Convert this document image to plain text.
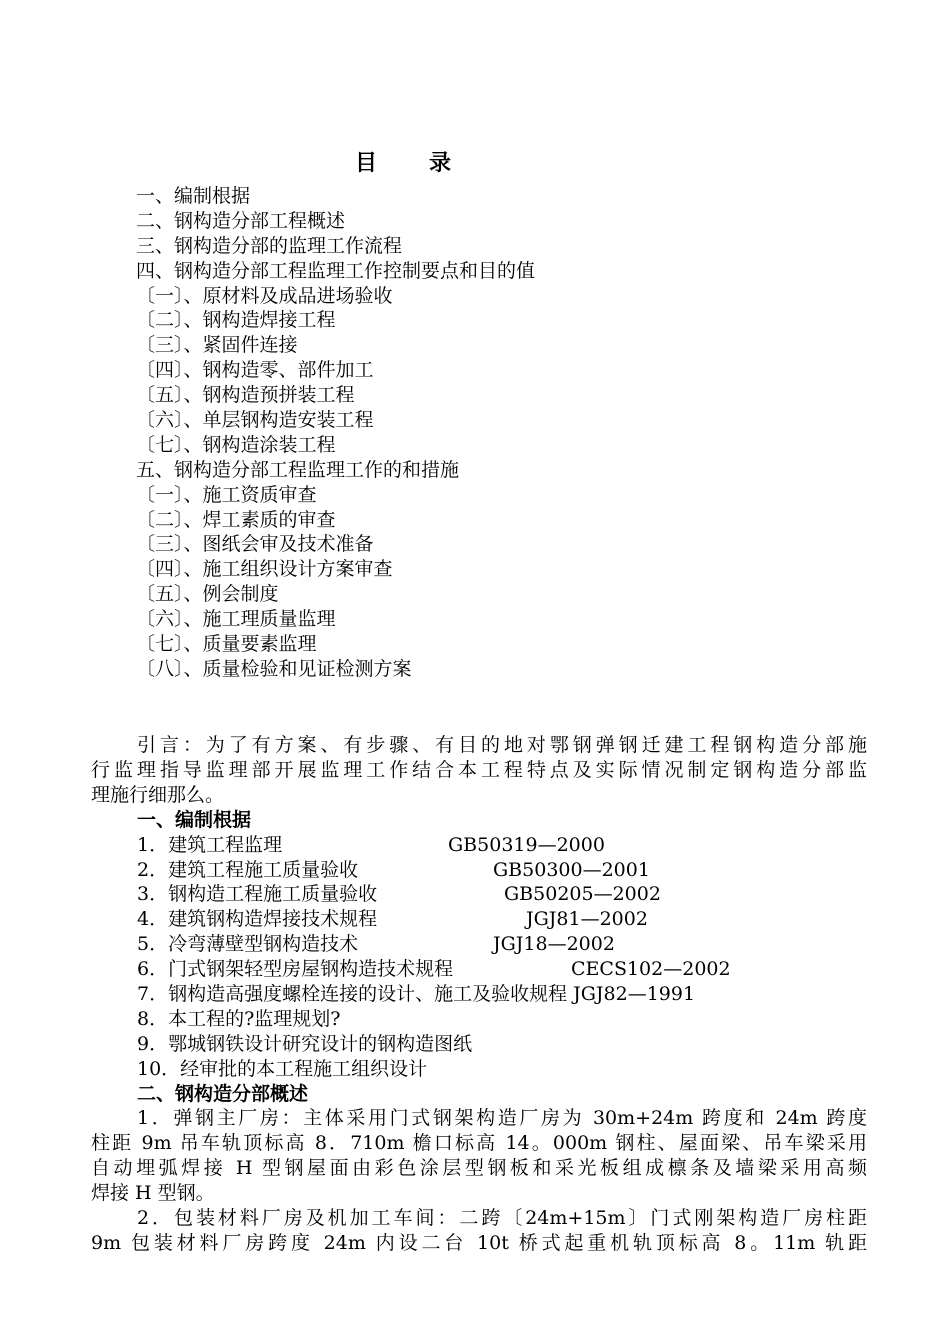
目 录
一、编制根据
二、钢构造分部工程概述
三、钢构造分部的监理工作流程
四、钢构造分部工程监理工作控制要点和目的值
〔一〕、原材料及成品进场验收
〔二〕、钢构造焊接工程
〔三〕、紧固件连接
〔四〕、钢构造零、部件加工
〔五〕、钢构造预拼装工程
〔六〕、单层钢构造安装工程
〔七〕、钢构造涂装工程
五、钢构造分部工程监理工作的和措施
〔一〕、施工资质审查
〔二〕、焊工素质的审查
〔三〕、图纸会审及技术准备
〔四〕、施工组织设计方案审查
〔五〕、例会制度
〔六〕、施工理质量监理
〔七〕、质量要素监理
〔八〕、质量检验和见证检测方案
引言：为了有方案、有步骤、有目的地对鄂钢弹钢迁建工程钢构造分部施
行监理指导监理部开展监理工作结合本工程特点及实际情况制定钢构造分部监
理施行细那么。
一、编制根据
1．建筑工程监理	GB50319—2000
2．建筑工程施工质量验收	GB50300—2001
3．钢构造工程施工质量验收	GB50205—2002
4．建筑钢构造焊接技术规程	JGJ81—2002
5．冷弯薄壁型钢构造技术	JGJ18—2002
6．门式钢架轻型房屋钢构造技术规程	CECS102—2002
7．钢构造高强度螺栓连接的设计、施工及验收规程 JGJ82—1991
8．本工程的?监理规划?
9．鄂城钢铁设计研究设计的钢构造图纸
10．经审批的本工程施工组织设计
二、钢构造分部概述
1．弹钢主厂房：主体采用门式钢架构造厂房为 30m+24m 跨度和 24m 跨度
柱距 9m 吊车轨顶标高 8．710m 檐口标高 14。000m 钢柱、屋面梁、吊车梁采用
自动埋弧焊接 H 型钢屋面由彩色涂层型钢板和采光板组成檩条及墙梁采用高频
焊接 H 型钢。
2．包装材料厂房及机加工车间：二跨〔24m+15m〕门式刚架构造厂房柱距
9m 包装材料厂房跨度 24m 内设二台 10t 桥式起重机轨顶标高 8。11m 轨距
